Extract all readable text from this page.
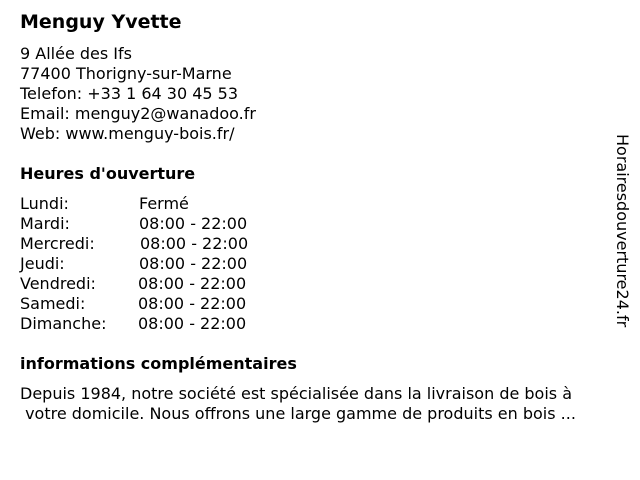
Menguy Yvette
9 Allée des Ifs
77400 Thorigny-sur-Marne
Telefon: +33 1 64 30 45 53
Email: menguy2@wanadoo.fr
Web: www.menguy-bois.fr/
Heures d'ouverture
Lundi:	Fermé
Mardi:	08:00 - 22:00
Mercredi:	08:00 - 22:00
Jeudi:	08:00 - 22:00
Vendredi:	08:00 - 22:00
Samedi:	08:00 - 22:00
Dimanche: 08:00 - 22:00
informations complémentaires
Depuis 1984, notre société est spécialisée dans la livraison de bois à
votre domicile. Nous offrons une large gamme de produits en bois ...
Horairesdouverture24.fr
